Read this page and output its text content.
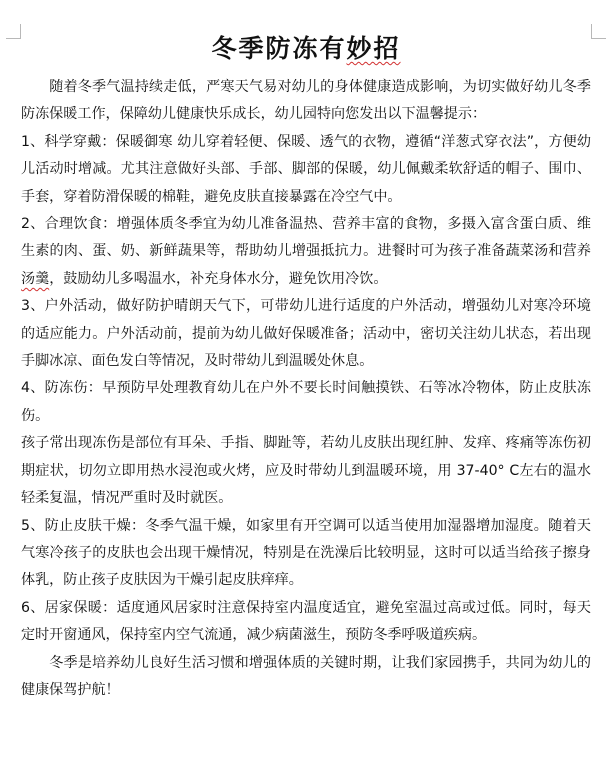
冬季防冻有妙招

随着冬季气温持续走低，严寒天气易对幼儿的身体健康造成影响，为切实做好幼儿冬季防冻保暖工作，保障幼儿健康快乐成长，幼儿园特向您发出以下温馨提示：

1、科学穿戴：保暖御寒 幼儿穿着轻便、保暖、透气的衣物，遵循“洋葱式穿衣法”，方便幼儿活动时增减。尤其注意做好头部、手部、脚部的保暖，幼儿佩戴柔软舒适的帽子、围巾、手套，穿着防滑保暖的棉鞋，避免皮肤直接暴露在冷空气中。

2、合理饮食：增强体质冬季宜为幼儿准备温热、营养丰富的食物，多摄入富含蛋白质、维生素的肉、蛋、奶、新鲜蔬果等，帮助幼儿增强抵抗力。进餐时可为孩子准备蔬菜汤和营养汤羹，鼓励幼儿多喝温水，补充身体水分，避免饮用冷饮。

3、户外活动，做好防护晴朗天气下，可带幼儿进行适度的户外活动，增强幼儿对寒冷环境的适应能力。户外活动前，提前为幼儿做好保暖准备；活动中，密切关注幼儿状态，若出现手脚冰凉、面色发白等情况，及时带幼儿到温暖处休息。

4、防冻伤：早预防早处理教育幼儿在户外不要长时间触摸铁、石等冰冷物体，防止皮肤冻伤。

孩子常出现冻伤是部位有耳朵、手指、脚趾等，若幼儿皮肤出现红肿、发痒、疼痛等冻伤初期症状，切勿立即用热水浸泡或火烤，应及时带幼儿到温暖环境，用 37-40° C左右的温水轻柔复温，情况严重时及时就医。

5、防止皮肤干燥：冬季气温干燥，如家里有开空调可以适当使用加湿器增加湿度。随着天气寒冷孩子的皮肤也会出现干燥情况，特别是在洗澡后比较明显，这时可以适当给孩子擦身体乳，防止孩子皮肤因为干燥引起皮肤痒痒。

6、居家保暖：适度通风居家时注意保持室内温度适宜，避免室温过高或过低。同时，每天定时开窗通风，保持室内空气流通，减少病菌滋生，预防冬季呼吸道疾病。

冬季是培养幼儿良好生活习惯和增强体质的关键时期，让我们家园携手，共同为幼儿的健康保驾护航！
